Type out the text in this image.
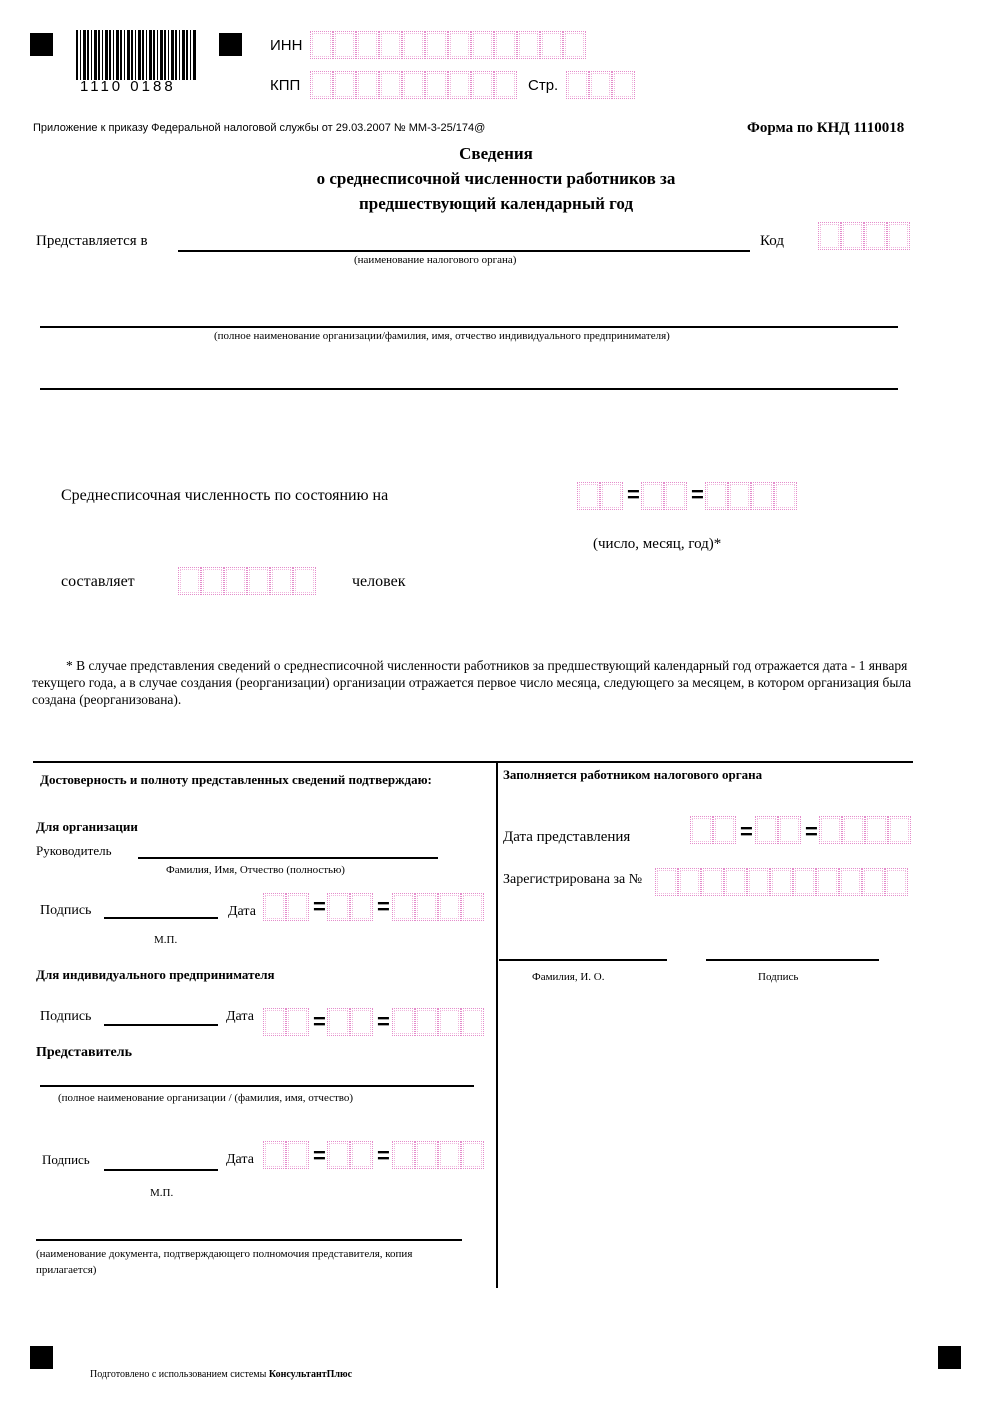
1110 0188
ИНН
КПП	Стр.
Приложение к приказу Федеральной налоговой службы от 29.03.2007 № ММ-3-25/174@	Форма по КНД 1110018
Сведения
о среднесписочной численности работников за
предшествующий календарный год
Представляется в
(наименование налогового органа)
Код
(полное наименование организации/фамилия, имя, отчество индивидуального предпринимателя)
Среднесписочная численность по состоянию на	= =
(число, месяц, год)*
составляет	человек
* В случае представления сведений о среднесписочной численности работников за предшествующий календарный год отражается дата - 1 января текущего года, а в случае создания (реорганизации) организации отражается первое число месяца, следующего за месяцем, в котором организация была создана (реорганизована).
Достоверность и полноту представленных сведений подтверждаю:
Для организации
Руководитель
Фамилия, Имя, Отчество (полностью)
Подпись	Дата	= =
М.П.
Для индивидуального предпринимателя
Подпись	Дата	= =
Представитель
(полное наименование организации / (фамилия, имя, отчество)
Подпись	Дата	= =
М.П.
(наименование документа, подтверждающего полномочия представителя, копия прилагается)
Заполняется работником налогового органа
Дата представления	= =
Зарегистрирована за №
Фамилия, И. О.	Подпись
Подготовлено с использованием системы КонсультантПлюс
